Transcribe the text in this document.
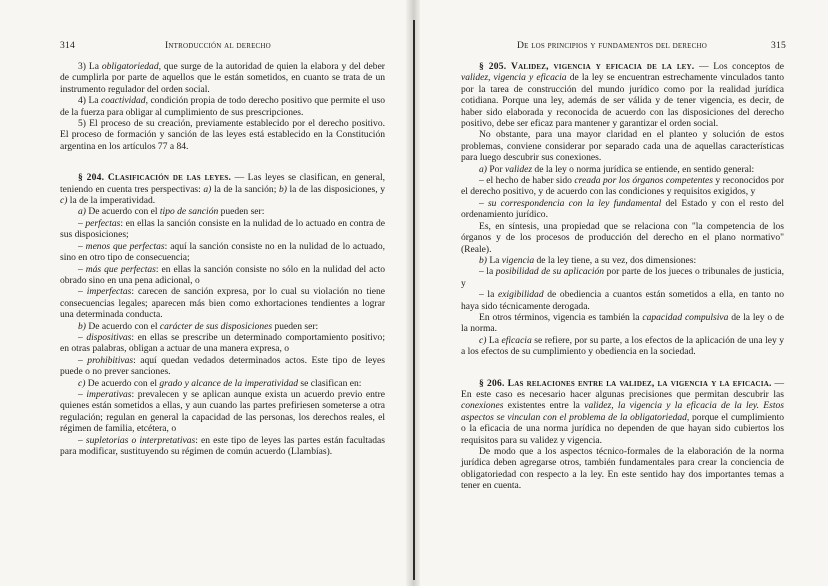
314	Introducción al derecho

3) La obligatoriedad, que surge de la autoridad de quien la elabora y del deber de cumplirla por parte de aquellos que le están sometidos, en cuanto se trata de un instrumento regulador del orden social.

4) La coactividad, condición propia de todo derecho positivo que permite el uso de la fuerza para obligar al cumplimiento de sus prescripciones.

5) El proceso de su creación, previamente establecido por el derecho positivo. El proceso de formación y sanción de las leyes está establecido en la Constitución argentina en los artículos 77 a 84.

§ 204. Clasificación de las leyes. — Las leyes se clasifican, en general, teniendo en cuenta tres perspectivas: a) la de la sanción; b) la de las disposiciones, y c) la de la imperatividad.

a) De acuerdo con el tipo de sanción pueden ser:

– perfectas: en ellas la sanción consiste en la nulidad de lo actuado en contra de sus disposiciones;

– menos que perfectas: aquí la sanción consiste no en la nulidad de lo actuado, sino en otro tipo de consecuencia;

– más que perfectas: en ellas la sanción consiste no sólo en la nulidad del acto obrado sino en una pena adicional, o

– imperfectas: carecen de sanción expresa, por lo cual su violación no tiene consecuencias legales; aparecen más bien como exhortaciones tendientes a lograr una determinada conducta.

b) De acuerdo con el carácter de sus disposiciones pueden ser:

– dispositivas: en ellas se prescribe un determinado comportamiento positivo; en otras palabras, obligan a actuar de una manera expresa, o

– prohibitivas: aquí quedan vedados determinados actos. Este tipo de leyes puede o no prever sanciones.

c) De acuerdo con el grado y alcance de la imperatividad se clasifican en:

– imperativas: prevalecen y se aplican aunque exista un acuerdo previo entre quienes están sometidos a ellas, y aun cuando las partes prefiriesen someterse a otra regulación; regulan en general la capacidad de las personas, los derechos reales, el régimen de familia, etcétera, o

– supletorias o interpretativas: en este tipo de leyes las partes están facultadas para modificar, sustituyendo su régimen de común acuerdo (Llambías).

De los principios y fundamentos del derecho	315

§ 205. Validez, vigencia y eficacia de la ley. — Los conceptos de validez, vigencia y eficacia de la ley se encuentran estrechamente vinculados tanto por la tarea de construcción del mundo jurídico como por la realidad jurídica cotidiana. Porque una ley, además de ser válida y de tener vigencia, es decir, de haber sido elaborada y reconocida de acuerdo con las disposiciones del derecho positivo, debe ser eficaz para mantener y garantizar el orden social.

No obstante, para una mayor claridad en el planteo y solución de estos problemas, conviene considerar por separado cada una de aquellas características para luego descubrir sus conexiones.

a) Por validez de la ley o norma jurídica se entiende, en sentido general:

– el hecho de haber sido creada por los órganos competentes y reconocidos por el derecho positivo, y de acuerdo con las condiciones y requisitos exigidos, y

– su correspondencia con la ley fundamental del Estado y con el resto del ordenamiento jurídico.

Es, en síntesis, una propiedad que se relaciona con "la competencia de los órganos y de los procesos de producción del derecho en el plano normativo" (Reale).

b) La vigencia de la ley tiene, a su vez, dos dimensiones:

– la posibilidad de su aplicación por parte de los jueces o tribunales de justicia, y

– la exigibilidad de obediencia a cuantos están sometidos a ella, en tanto no haya sido técnicamente derogada.

En otros términos, vigencia es también la capacidad compulsiva de la ley o de la norma.

c) La eficacia se refiere, por su parte, a los efectos de la aplicación de una ley y a los efectos de su cumplimiento y obediencia en la sociedad.

§ 206. Las relaciones entre la validez, la vigencia y la eficacia. — En este caso es necesario hacer algunas precisiones que permitan descubrir las conexiones existentes entre la validez, la vigencia y la eficacia de la ley. Estos aspectos se vinculan con el problema de la obligatoriedad, porque el cumplimiento o la eficacia de una norma jurídica no dependen de que hayan sido cubiertos los requisitos para su validez y vigencia.

De modo que a los aspectos técnico-formales de la elaboración de la norma jurídica deben agregarse otros, también fundamentales para crear la conciencia de obligatoriedad con respecto a la ley. En este sentido hay dos importantes temas a tener en cuenta.
